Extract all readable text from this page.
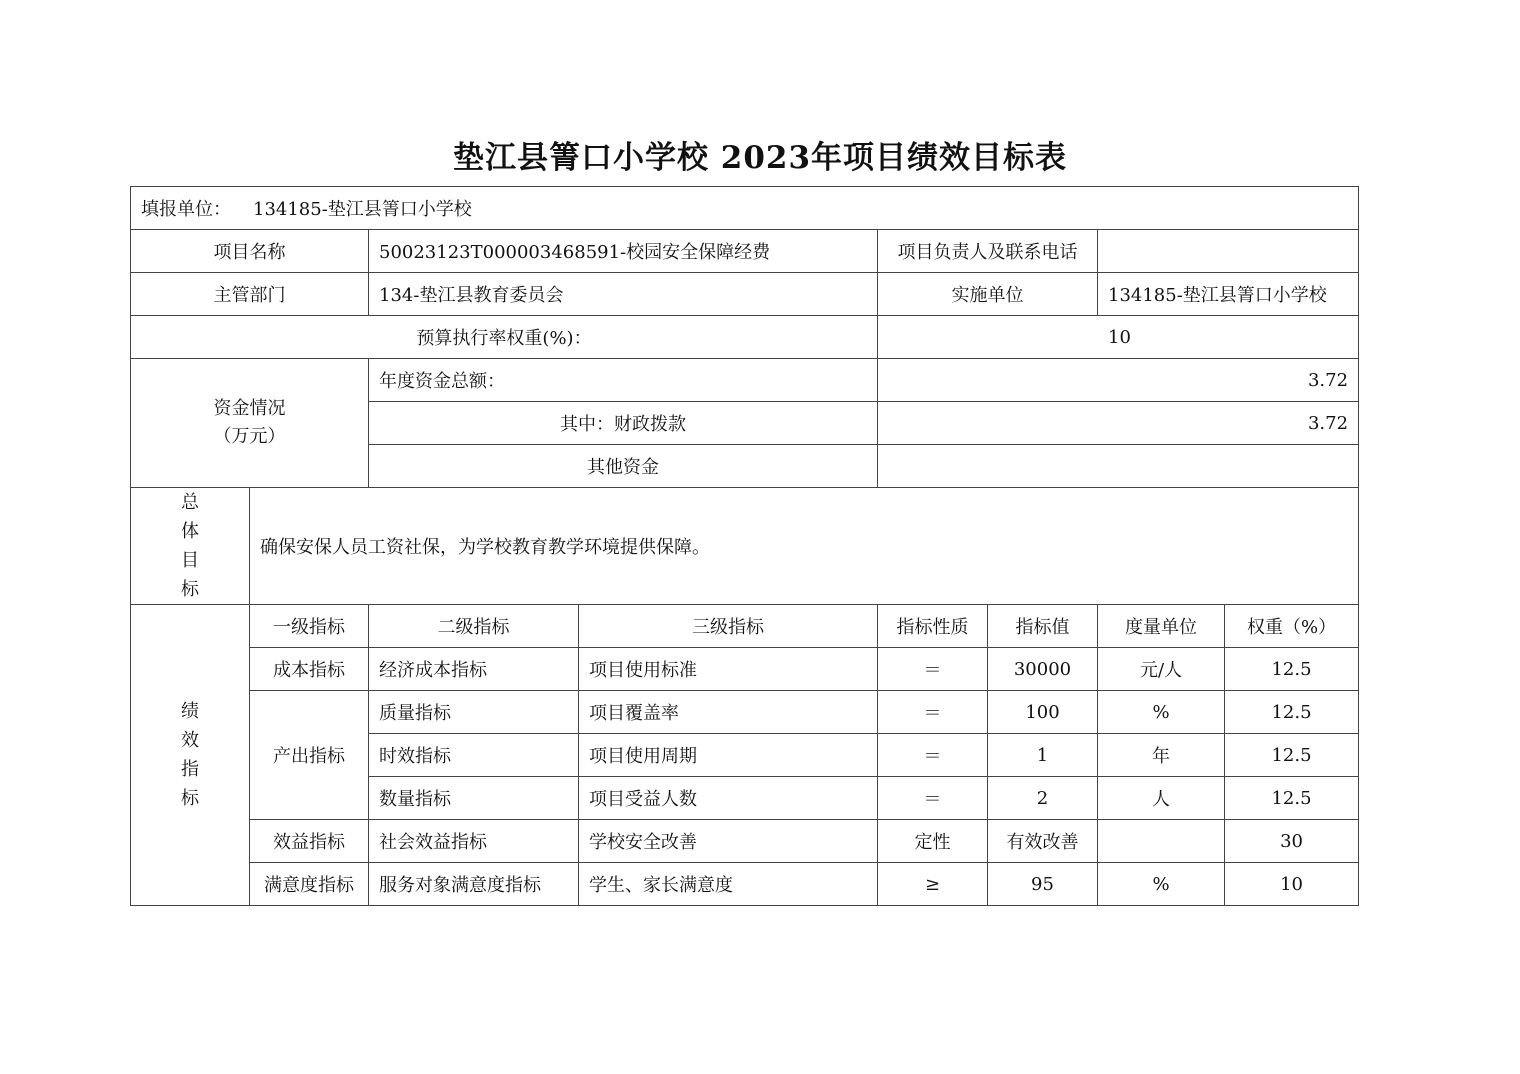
垫江县箐口小学校 2023年项目绩效目标表
填报单位： 134185-垫江县箐口小学校							
项目名称		50023123T000003468591-校园安全保障经费		项目负责人及联系电话			
主管部门		134-垫江县教育委员会		实施单位		134185-垫江县箐口小学校	
预算执行率权重(%)：				10			

资金情况
（万元）		年度资金总额：		3.72			
		其中：财政拨款		3.72			
		其他资金					

总
体
目
标	确保安保人员工资社保，为学校教育教学环境提供保障。						

绩
效
指
标	一级指标	二级指标	三级指标	指标性质	指标值	度量单位	权重（%）
	成本指标	经济成本指标	项目使用标准	＝	30000	元/人	12.5
	产出指标	质量指标	项目覆盖率	＝	100	%	12.5
		时效指标	项目使用周期	＝	1	年	12.5
		数量指标	项目受益人数	＝	2	人	12.5
	效益指标	社会效益指标	学校安全改善	定性	有效改善		30
	满意度指标	服务对象满意度指标	学生、家长满意度	≥	95	%	10
